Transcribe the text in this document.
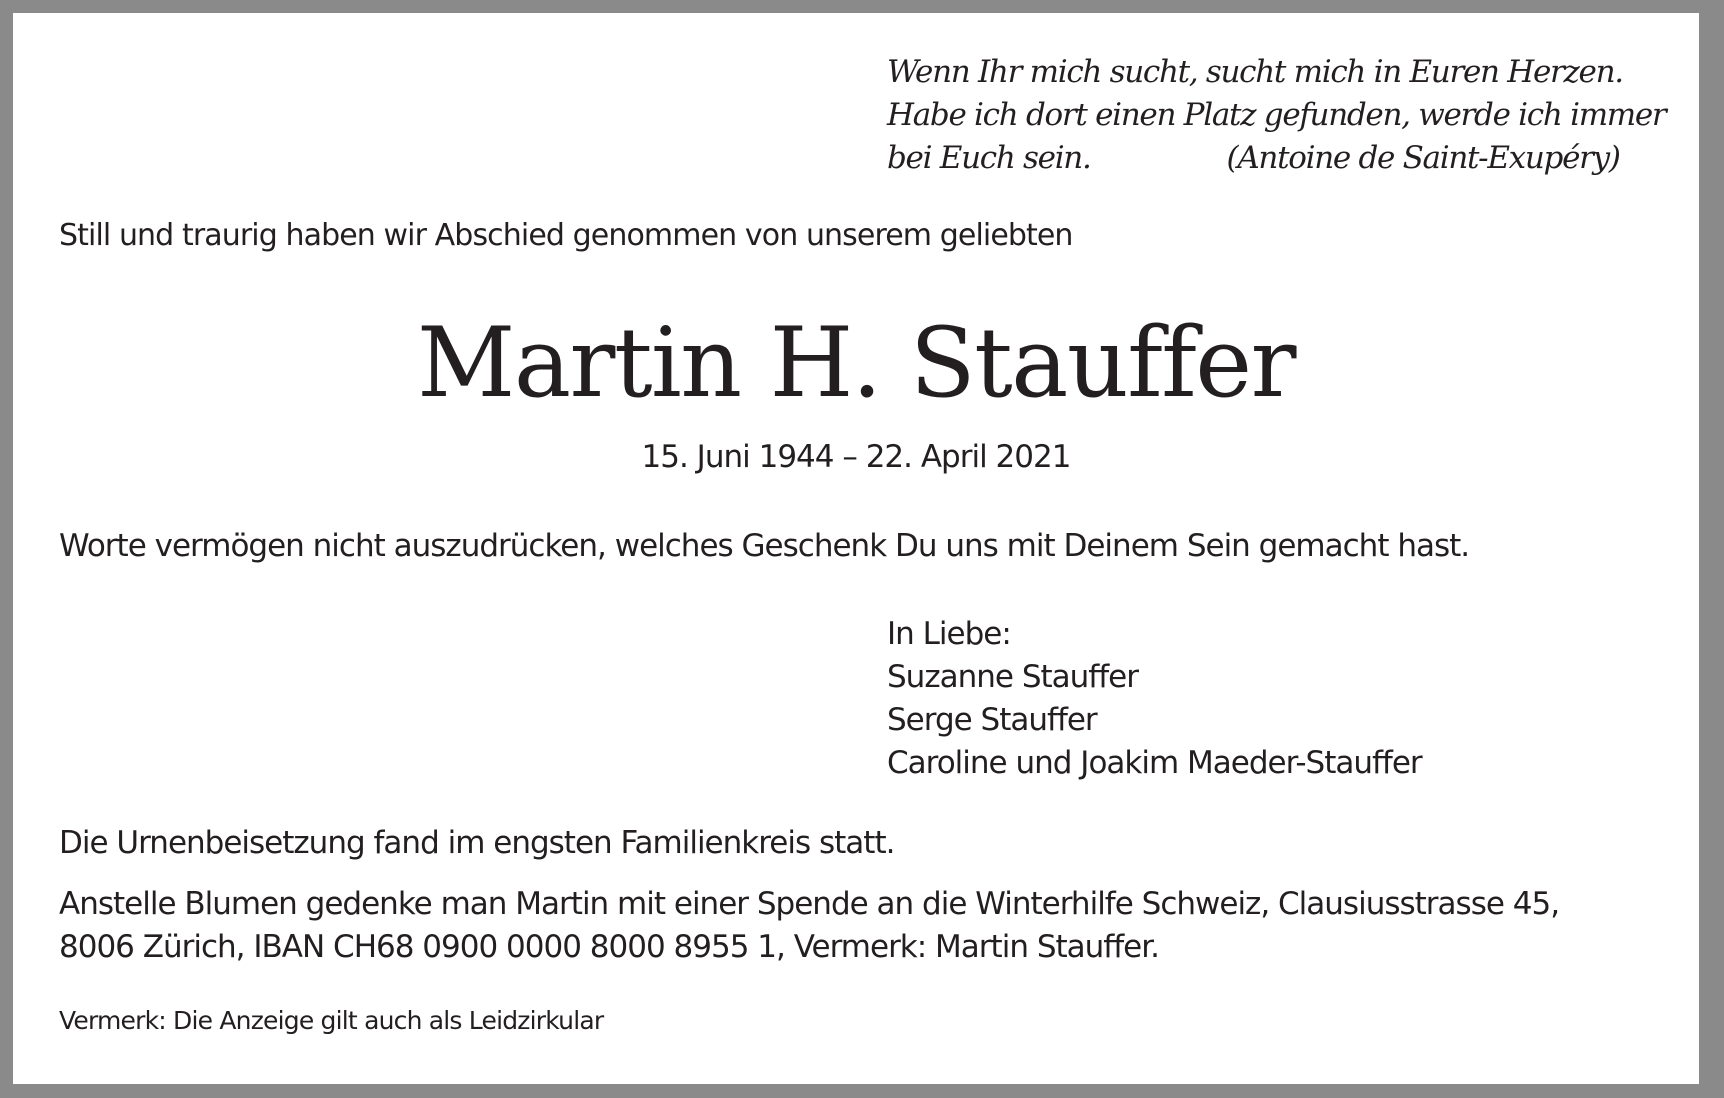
Wenn Ihr mich sucht, sucht mich in Euren Herzen.
Habe ich dort einen Platz gefunden, werde ich immer
bei Euch sein.	(Antoine de Saint-Exupéry)
Still und traurig haben wir Abschied genommen von unserem geliebten
Martin H. Stauffer
15. Juni 1944 – 22. April 2021
Worte vermögen nicht auszudrücken, welches Geschenk Du uns mit Deinem Sein gemacht hast.
In Liebe:
Suzanne Stauffer
Serge Stauffer
Caroline und Joakim Maeder-Stauffer
Die Urnenbeisetzung fand im engsten Familienkreis statt.
Anstelle Blumen gedenke man Martin mit einer Spende an die Winterhilfe Schweiz, Clausiusstrasse 45,
8006 Zürich, IBAN CH68 0900 0000 8000 8955 1, Vermerk: Martin Stauffer.
Vermerk: Die Anzeige gilt auch als Leidzirkular
